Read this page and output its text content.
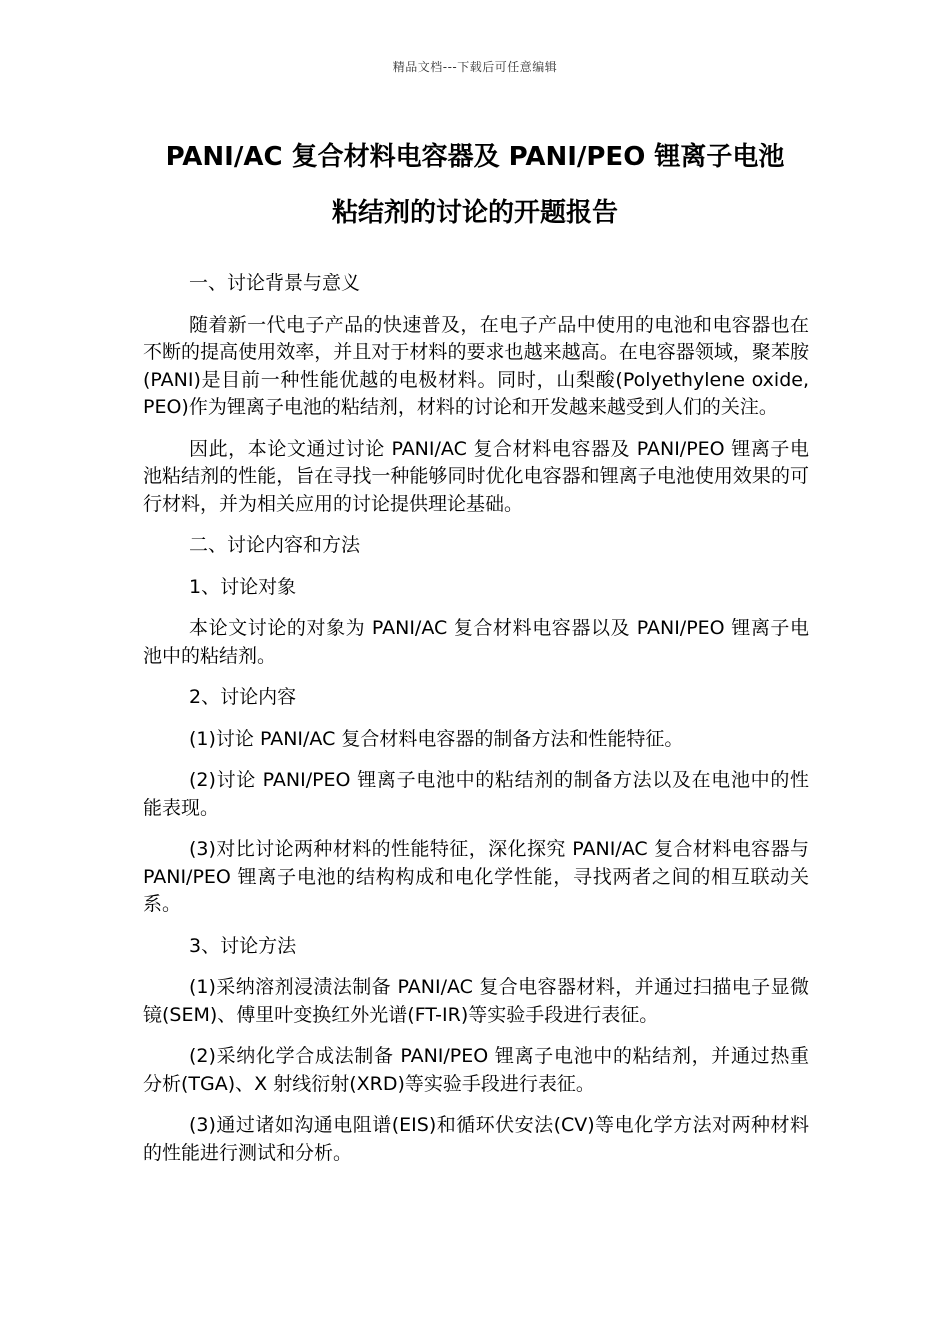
精品文档---下载后可任意编辑
PANI/AC 复合材料电容器及 PANI/PEO 锂离子电池
粘结剂的讨论的开题报告

一、讨论背景与意义

随着新一代电子产品的快速普及，在电子产品中使用的电池和电容器也在不断的提高使用效率，并且对于材料的要求也越来越高。在电容器领域，聚苯胺(PANI)是目前一种性能优越的电极材料。同时，山梨酸(Polyethylene oxide, PEO)作为锂离子电池的粘结剂，材料的讨论和开发越来越受到人们的关注。

因此，本论文通过讨论 PANI/AC 复合材料电容器及 PANI/PEO 锂离子电池粘结剂的性能，旨在寻找一种能够同时优化电容器和锂离子电池使用效果的可行材料，并为相关应用的讨论提供理论基础。

二、讨论内容和方法

1、讨论对象

本论文讨论的对象为 PANI/AC 复合材料电容器以及 PANI/PEO 锂离子电池中的粘结剂。

2、讨论内容

(1)讨论 PANI/AC 复合材料电容器的制备方法和性能特征。

(2)讨论 PANI/PEO 锂离子电池中的粘结剂的制备方法以及在电池中的性能表现。

(3)对比讨论两种材料的性能特征，深化探究 PANI/AC 复合材料电容器与 PANI/PEO 锂离子电池的结构构成和电化学性能，寻找两者之间的相互联动关系。

3、讨论方法

(1)采纳溶剂浸渍法制备 PANI/AC 复合电容器材料，并通过扫描电子显微镜(SEM)、傅里叶变换红外光谱(FT-IR)等实验手段进行表征。

(2)采纳化学合成法制备 PANI/PEO 锂离子电池中的粘结剂，并通过热重分析(TGA)、X 射线衍射(XRD)等实验手段进行表征。

(3)通过诸如沟通电阻谱(EIS)和循环伏安法(CV)等电化学方法对两种材料的性能进行测试和分析。
